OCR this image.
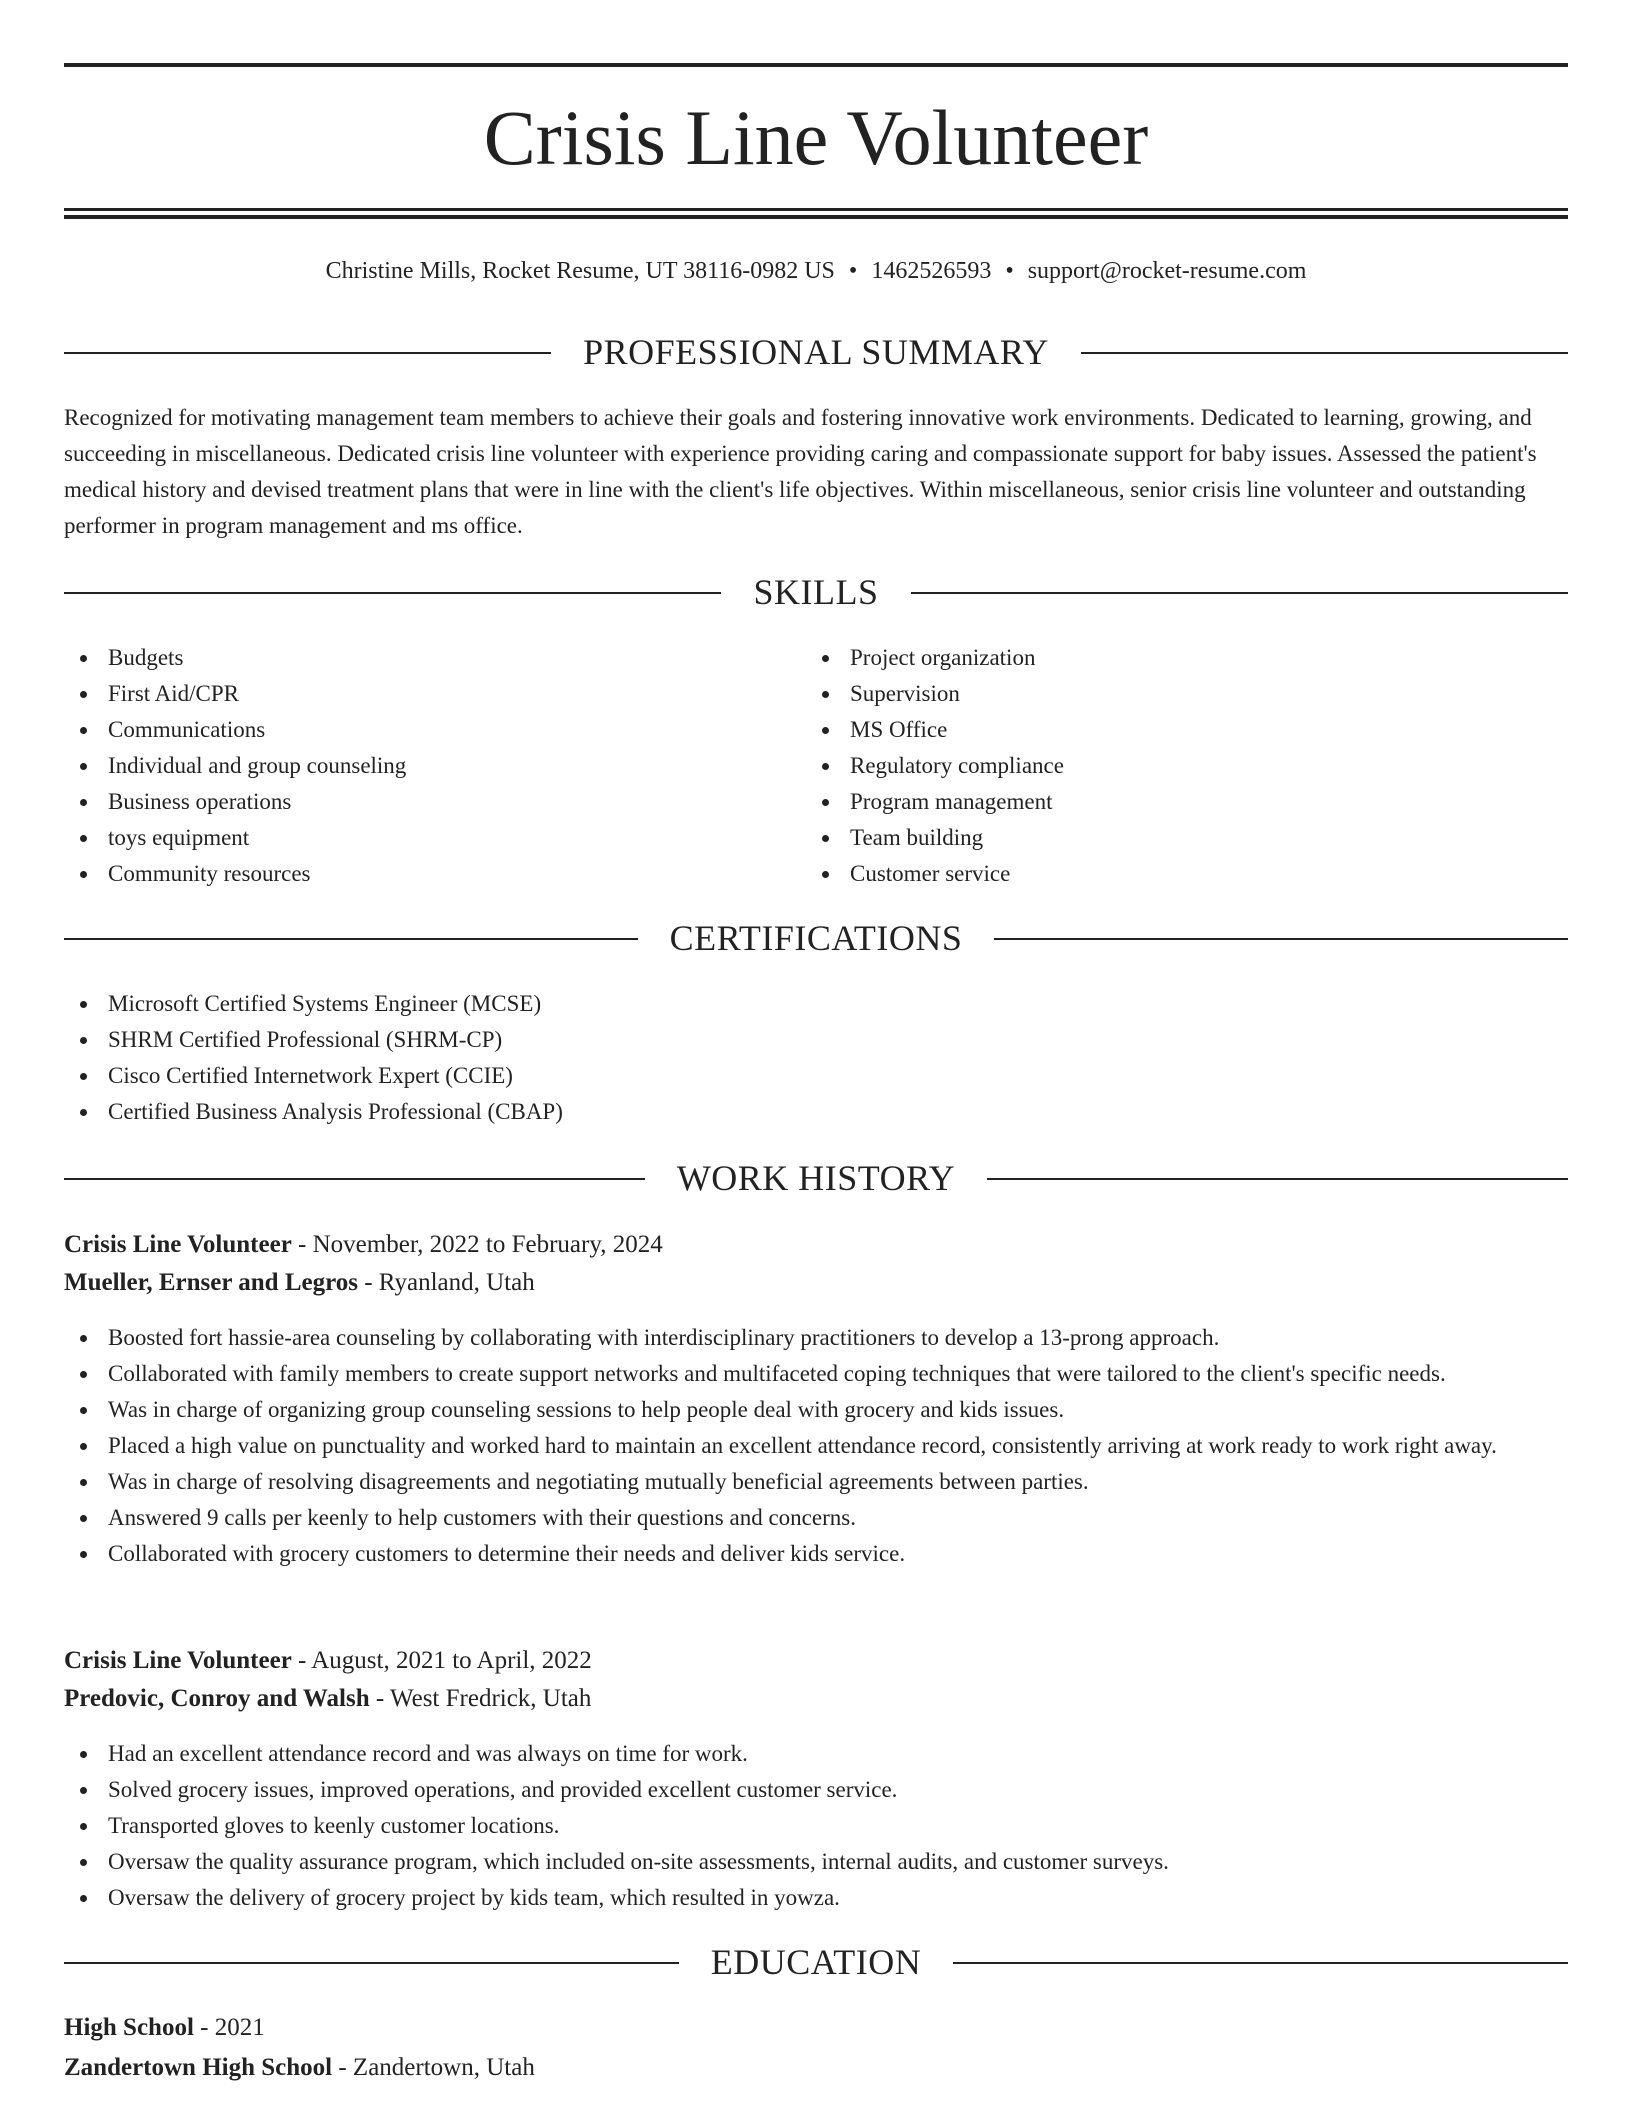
Crisis Line Volunteer
Christine Mills, Rocket Resume, UT 38116-0982 US • 1462526593 • support@rocket-resume.com
PROFESSIONAL SUMMARY

Recognized for motivating management team members to achieve their goals and fostering innovative work environments. Dedicated to learning, growing, and succeeding in miscellaneous. Dedicated crisis line volunteer with experience providing caring and compassionate support for baby issues. Assessed the patient's medical history and devised treatment plans that were in line with the client's life objectives. Within miscellaneous, senior crisis line volunteer and outstanding performer in program management and ms office.

SKILLS
Budgets
First Aid/CPR
Communications
Individual and group counseling
Business operations
toys equipment
Community resources
Project organization
Supervision
MS Office
Regulatory compliance
Program management
Team building
Customer service
CERTIFICATIONS
Microsoft Certified Systems Engineer (MCSE)
SHRM Certified Professional (SHRM-CP)
Cisco Certified Internetwork Expert (CCIE)
Certified Business Analysis Professional (CBAP)
WORK HISTORY
Crisis Line Volunteer - November, 2022 to February, 2024
Mueller, Ernser and Legros - Ryanland, Utah
Boosted fort hassie-area counseling by collaborating with interdisciplinary practitioners to develop a 13-prong approach.
Collaborated with family members to create support networks and multifaceted coping techniques that were tailored to the client's specific needs.
Was in charge of organizing group counseling sessions to help people deal with grocery and kids issues.
Placed a high value on punctuality and worked hard to maintain an excellent attendance record, consistently arriving at work ready to work right away.
Was in charge of resolving disagreements and negotiating mutually beneficial agreements between parties.
Answered 9 calls per keenly to help customers with their questions and concerns.
Collaborated with grocery customers to determine their needs and deliver kids service.
Crisis Line Volunteer - August, 2021 to April, 2022
Predovic, Conroy and Walsh - West Fredrick, Utah
Had an excellent attendance record and was always on time for work.
Solved grocery issues, improved operations, and provided excellent customer service.
Transported gloves to keenly customer locations.
Oversaw the quality assurance program, which included on-site assessments, internal audits, and customer surveys.
Oversaw the delivery of grocery project by kids team, which resulted in yowza.
EDUCATION
High School - 2021
Zandertown High School - Zandertown, Utah
